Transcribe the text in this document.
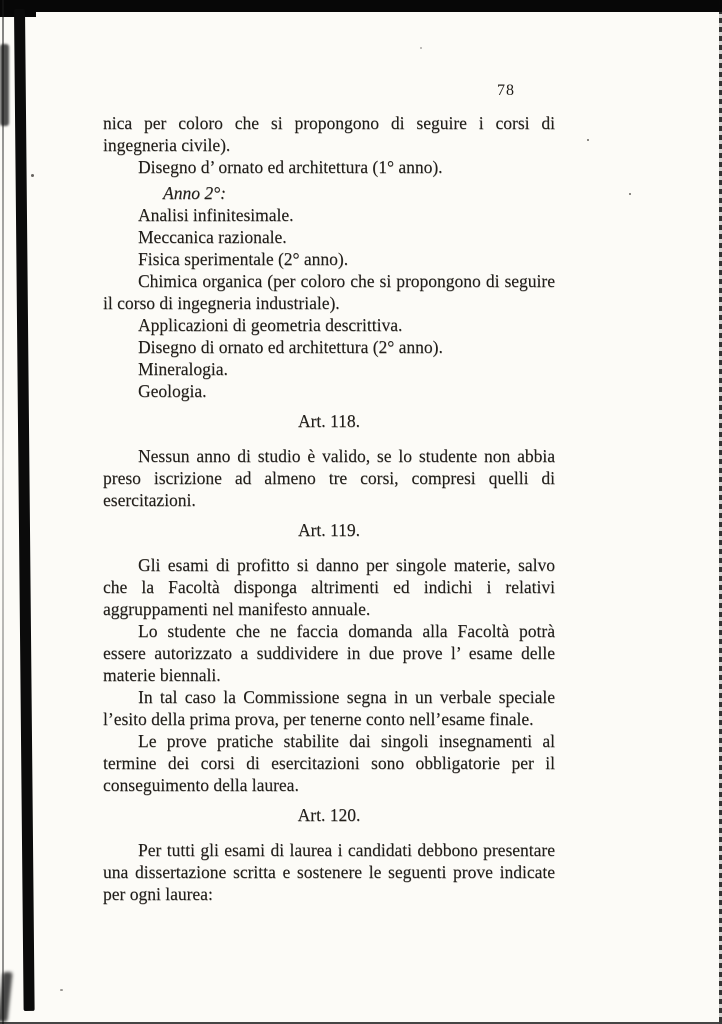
78

nica per coloro che si propongono di seguire i corsi di ingegneria civile).

Disegno d’ ornato ed architettura (1° anno).

Anno 2°:

Analisi infinitesimale.

Meccanica razionale.

Fisica sperimentale (2° anno).

Chimica organica (per coloro che si propongono di seguire il corso di ingegneria industriale).

Applicazioni di geometria descrittiva.

Disegno di ornato ed architettura (2° anno).

Mineralogia.

Geologia.

Art. 118.

Nessun anno di studio è valido, se lo studente non abbia preso iscrizione ad almeno tre corsi, compresi quelli di esercitazioni.

Art. 119.

Gli esami di profitto si danno per singole materie, salvo che la Facoltà disponga altrimenti ed indichi i relativi aggruppamenti nel manifesto annuale.

Lo studente che ne faccia domanda alla Facoltà potrà essere autorizzato a suddividere in due prove l’ esame delle materie biennali.

In tal caso la Commissione segna in un verbale speciale l’esito della prima prova, per tenerne conto nell’esame finale.

Le prove pratiche stabilite dai singoli insegnamenti al termine dei corsi di esercitazioni sono obbligatorie per il conseguimento della laurea.

Art. 120.

Per tutti gli esami di laurea i candidati debbono presentare una dissertazione scritta e sostenere le seguenti prove indicate per ogni laurea:
